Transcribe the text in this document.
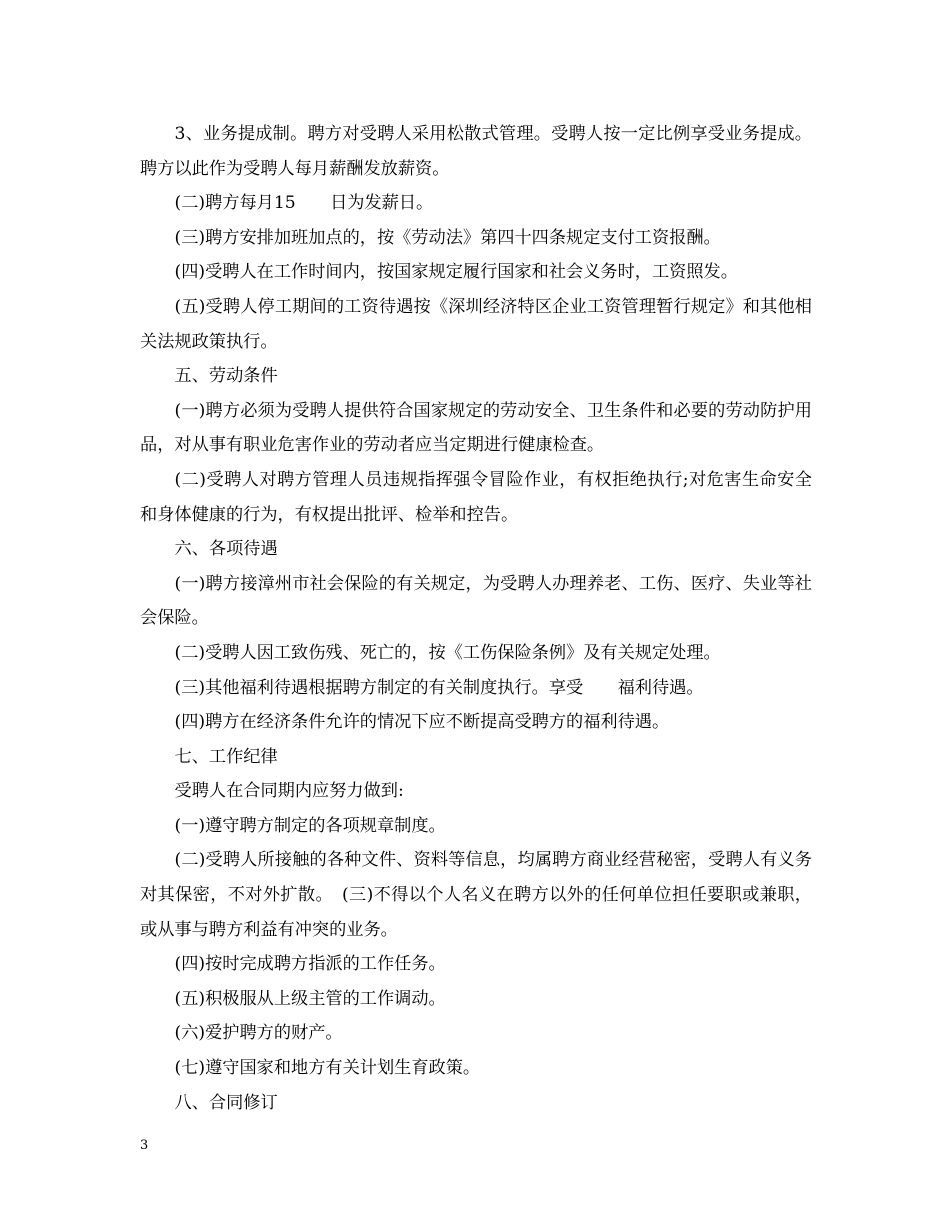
3、业务提成制。聘方对受聘人采用松散式管理。受聘人按一定比例享受业务提成。聘方以此作为受聘人每月薪酬发放薪资。

(二)聘方每月15　　日为发薪日。

(三)聘方安排加班加点的，按《劳动法》第四十四条规定支付工资报酬。

(四)受聘人在工作时间内，按国家规定履行国家和社会义务时，工资照发。

(五)受聘人停工期间的工资待遇按《深圳经济特区企业工资管理暂行规定》和其他相关法规政策执行。

五、劳动条件

(一)聘方必须为受聘人提供符合国家规定的劳动安全、卫生条件和必要的劳动防护用品，对从事有职业危害作业的劳动者应当定期进行健康检查。

(二)受聘人对聘方管理人员违规指挥强令冒险作业，有权拒绝执行;对危害生命安全和身体健康的行为，有权提出批评、检举和控告。

六、各项待遇

(一)聘方接漳州市社会保险的有关规定，为受聘人办理养老、工伤、医疗、失业等社会保险。

(二)受聘人因工致伤残、死亡的，按《工伤保险条例》及有关规定处理。

(三)其他福利待遇根据聘方制定的有关制度执行。享受　　福利待遇。

(四)聘方在经济条件允许的情况下应不断提高受聘方的福利待遇。

七、工作纪律

受聘人在合同期内应努力做到:

(一)遵守聘方制定的各项规章制度。

(二)受聘人所接触的各种文件、资料等信息，均属聘方商业经营秘密，受聘人有义务对其保密，不对外扩散。　(三)不得以个人名义在聘方以外的任何单位担任要职或兼职，或从事与聘方利益有冲突的业务。

(四)按时完成聘方指派的工作任务。

(五)积极服从上级主管的工作调动。

(六)爱护聘方的财产。

(七)遵守国家和地方有关计划生育政策。

八、合同修订

3
